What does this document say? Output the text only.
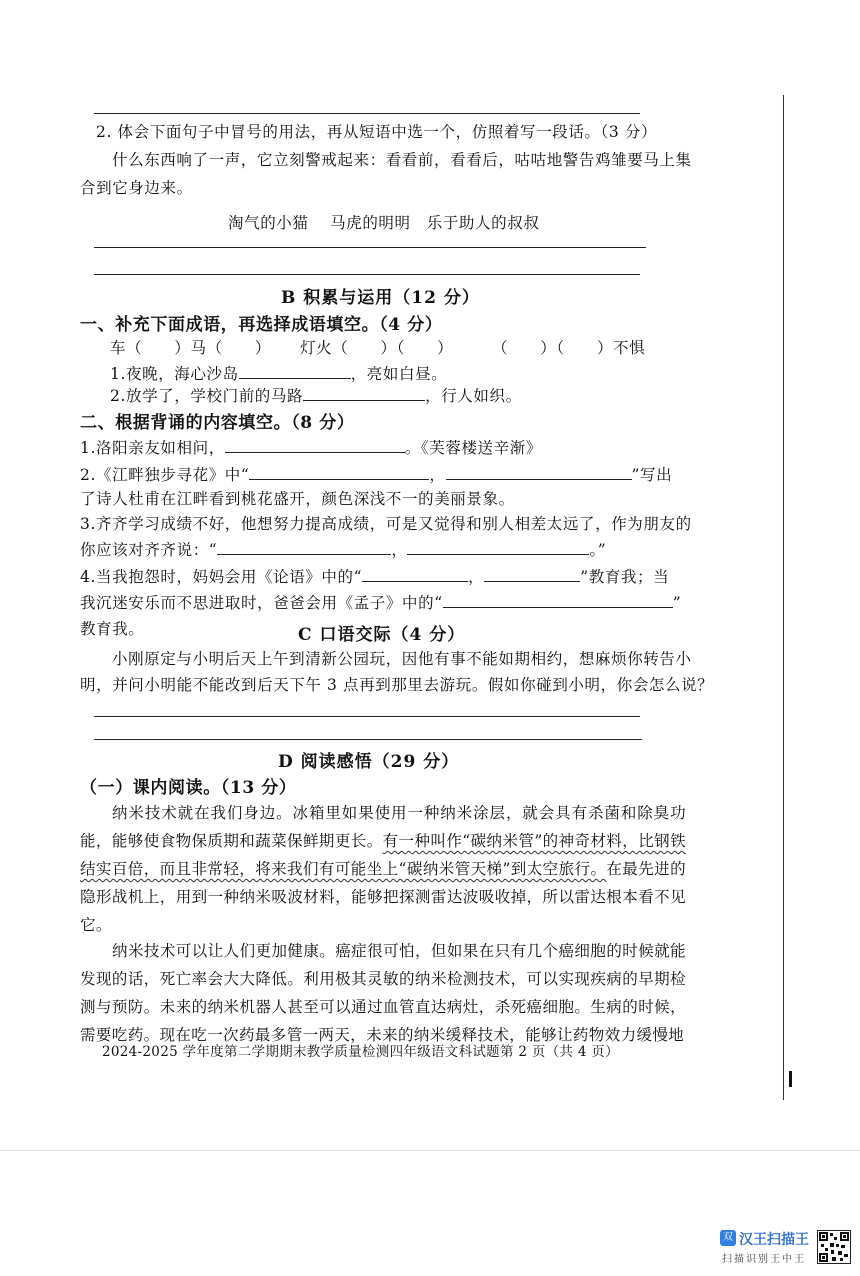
2. 体会下面句子中冒号的用法，再从短语中选一个，仿照着写一段话。（3 分）
什么东西响了一声，它立刻警戒起来：看看前，看看后，咕咕地警告鸡雏要马上集
合到它身边来。
淘气的小猫　 马虎的明明　乐于助人的叔叔
B 积累与运用（12 分）
一、补充下面成语，再选择成语填空。（4 分）
车（　　）马（　　） 灯火（　　）（　　） （　　）（　　）不惧
1.夜晚，海心沙岛	，亮如白昼。
2.放学了，学校门前的马路	，行人如织。
二、根据背诵的内容填空。（8 分）
1.洛阳亲友如相问，	。《芙蓉楼送辛渐》
2.《江畔独步寻花》中“	，	”写出
了诗人杜甫在江畔看到桃花盛开，颜色深浅不一的美丽景象。
3.齐齐学习成绩不好，他想努力提高成绩，可是又觉得和别人相差太远了，作为朋友的
你应该对齐齐说：“	，	。”
4.当我抱怨时，妈妈会用《论语》中的“	，	”教育我；当
我沉迷安乐而不思进取时，爸爸会用《孟子》中的“	”
教育我。	C 口语交际（4 分）
小刚原定与小明后天上午到清新公园玩，因他有事不能如期相约，想麻烦你转告小
明，并问小明能不能改到后天下午 3 点再到那里去游玩。假如你碰到小明，你会怎么说？
D 阅读感悟（29 分）
（一）课内阅读。（13 分）
纳米技术就在我们身边。冰箱里如果使用一种纳米涂层，就会具有杀菌和除臭功能，能够使食物保质期和蔬菜保鲜期更长。有一种叫作“碳纳米管”的神奇材料，比钢铁结实百倍，而且非常轻，将来我们有可能坐上“碳纳米管天梯”到太空旅行。在最先进的隐形战机上，用到一种纳米吸波材料，能够把探测雷达波吸收掉，所以雷达根本看不见它。
纳米技术可以让人们更加健康。癌症很可怕，但如果在只有几个癌细胞的时候就能发现的话，死亡率会大大降低。利用极其灵敏的纳米检测技术，可以实现疾病的早期检测与预防。未来的纳米机器人甚至可以通过血管直达病灶，杀死癌细胞。生病的时候，需要吃药。现在吃一次药最多管一两天，未来的纳米缓释技术，能够让药物效力缓慢地
2024-2025 学年度第二学期期末教学质量检测四年级语文科试题第 2 页（共 4 页）
双 汉王扫描王
扫描识别王中王
